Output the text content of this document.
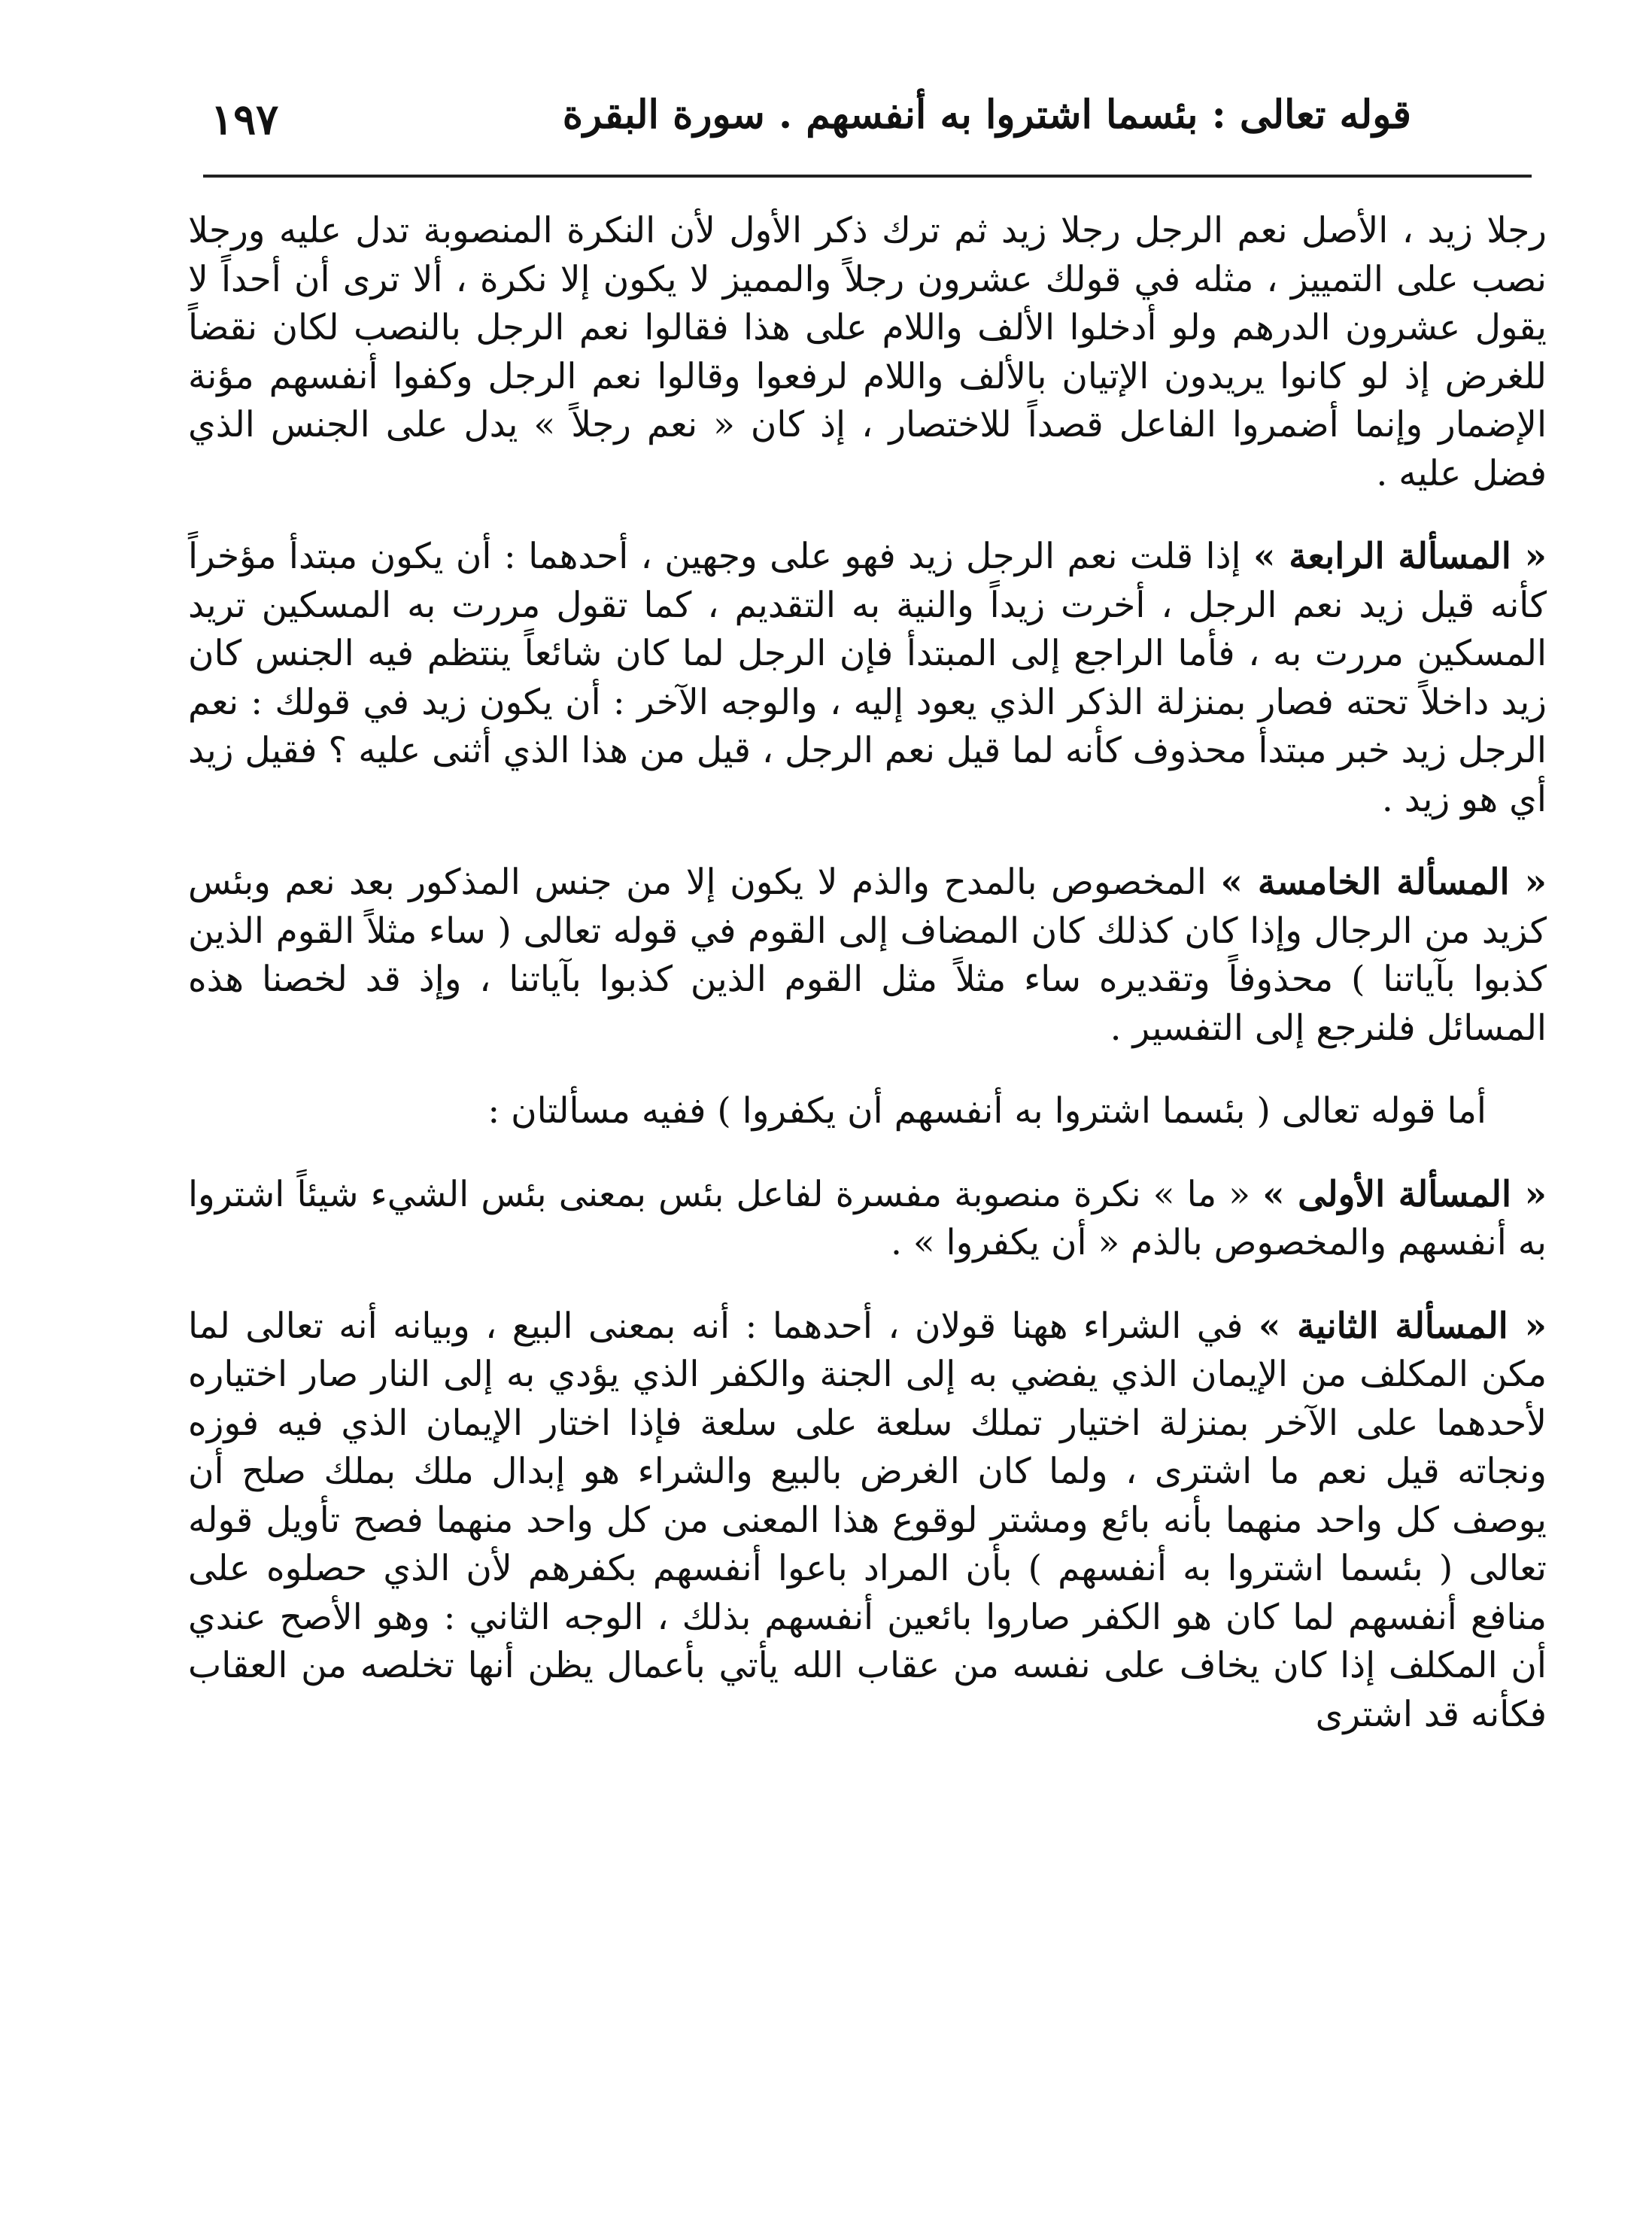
قوله تعالى : بئسما اشتروا به أنفسهم . سورة البقرة
١٩٧

رجلا زيد ، الأصل نعم الرجل رجلا زيد ثم ترك ذكر الأول لأن النكرة المنصوبة تدل عليه ورجلا نصب على التمييز ، مثله في قولك عشرون رجلاً والمميز لا يكون إلا نكرة ، ألا ترى أن أحداً لا يقول عشرون الدرهم ولو أدخلوا الألف واللام على هذا فقالوا نعم الرجل بالنصب لكان نقضاً للغرض إذ لو كانوا يريدون الإتيان بالألف واللام لرفعوا وقالوا نعم الرجل وكفوا أنفسهم مؤنة الإضمار وإنما أضمروا الفاعل قصداً للاختصار ، إذ كان « نعم رجلاً » يدل على الجنس الذي فضل عليه .

« المسألة الرابعة » إذا قلت نعم الرجل زيد فهو على وجهين ، أحدهما : أن يكون مبتدأ مؤخراً كأنه قيل زيد نعم الرجل ، أخرت زيداً والنية به التقديم ، كما تقول مررت به المسكين تريد المسكين مررت به ، فأما الراجع إلى المبتدأ فإن الرجل لما كان شائعاً ينتظم فيه الجنس كان زيد داخلاً تحته فصار بمنزلة الذكر الذي يعود إليه ، والوجه الآخر : أن يكون زيد في قولك : نعم الرجل زيد خبر مبتدأ محذوف كأنه لما قيل نعم الرجل ، قيل من هذا الذي أثنى عليه ؟ فقيل زيد أي هو زيد .

« المسألة الخامسة » المخصوص بالمدح والذم لا يكون إلا من جنس المذكور بعد نعم وبئس كزيد من الرجال وإذا كان كذلك كان المضاف إلى القوم في قوله تعالى ( ساء مثلاً القوم الذين كذبوا بآياتنا ) محذوفاً وتقديره ساء مثلاً مثل القوم الذين كذبوا بآياتنا ، وإذ قد لخصنا هذه المسائل فلنرجع إلى التفسير .

أما قوله تعالى ( بئسما اشتروا به أنفسهم أن يكفروا ) ففيه مسألتان :

« المسألة الأولى » « ما » نكرة منصوبة مفسرة لفاعل بئس بمعنى بئس الشيء شيئاً اشتروا به أنفسهم والمخصوص بالذم « أن يكفروا » .

« المسألة الثانية » في الشراء ههنا قولان ، أحدهما : أنه بمعنى البيع ، وبيانه أنه تعالى لما مكن المكلف من الإيمان الذي يفضي به إلى الجنة والكفر الذي يؤدي به إلى النار صار اختياره لأحدهما على الآخر بمنزلة اختيار تملك سلعة على سلعة فإذا اختار الإيمان الذي فيه فوزه ونجاته قيل نعم ما اشترى ، ولما كان الغرض بالبيع والشراء هو إبدال ملك بملك صلح أن يوصف كل واحد منهما بأنه بائع ومشتر لوقوع هذا المعنى من كل واحد منهما فصح تأويل قوله تعالى ( بئسما اشتروا به أنفسهم ) بأن المراد باعوا أنفسهم بكفرهم لأن الذي حصلوه على منافع أنفسهم لما كان هو الكفر صاروا بائعين أنفسهم بذلك ، الوجه الثاني : وهو الأصح عندي أن المكلف إذا كان يخاف على نفسه من عقاب الله يأتي بأعمال يظن أنها تخلصه من العقاب فكأنه قد اشترى
